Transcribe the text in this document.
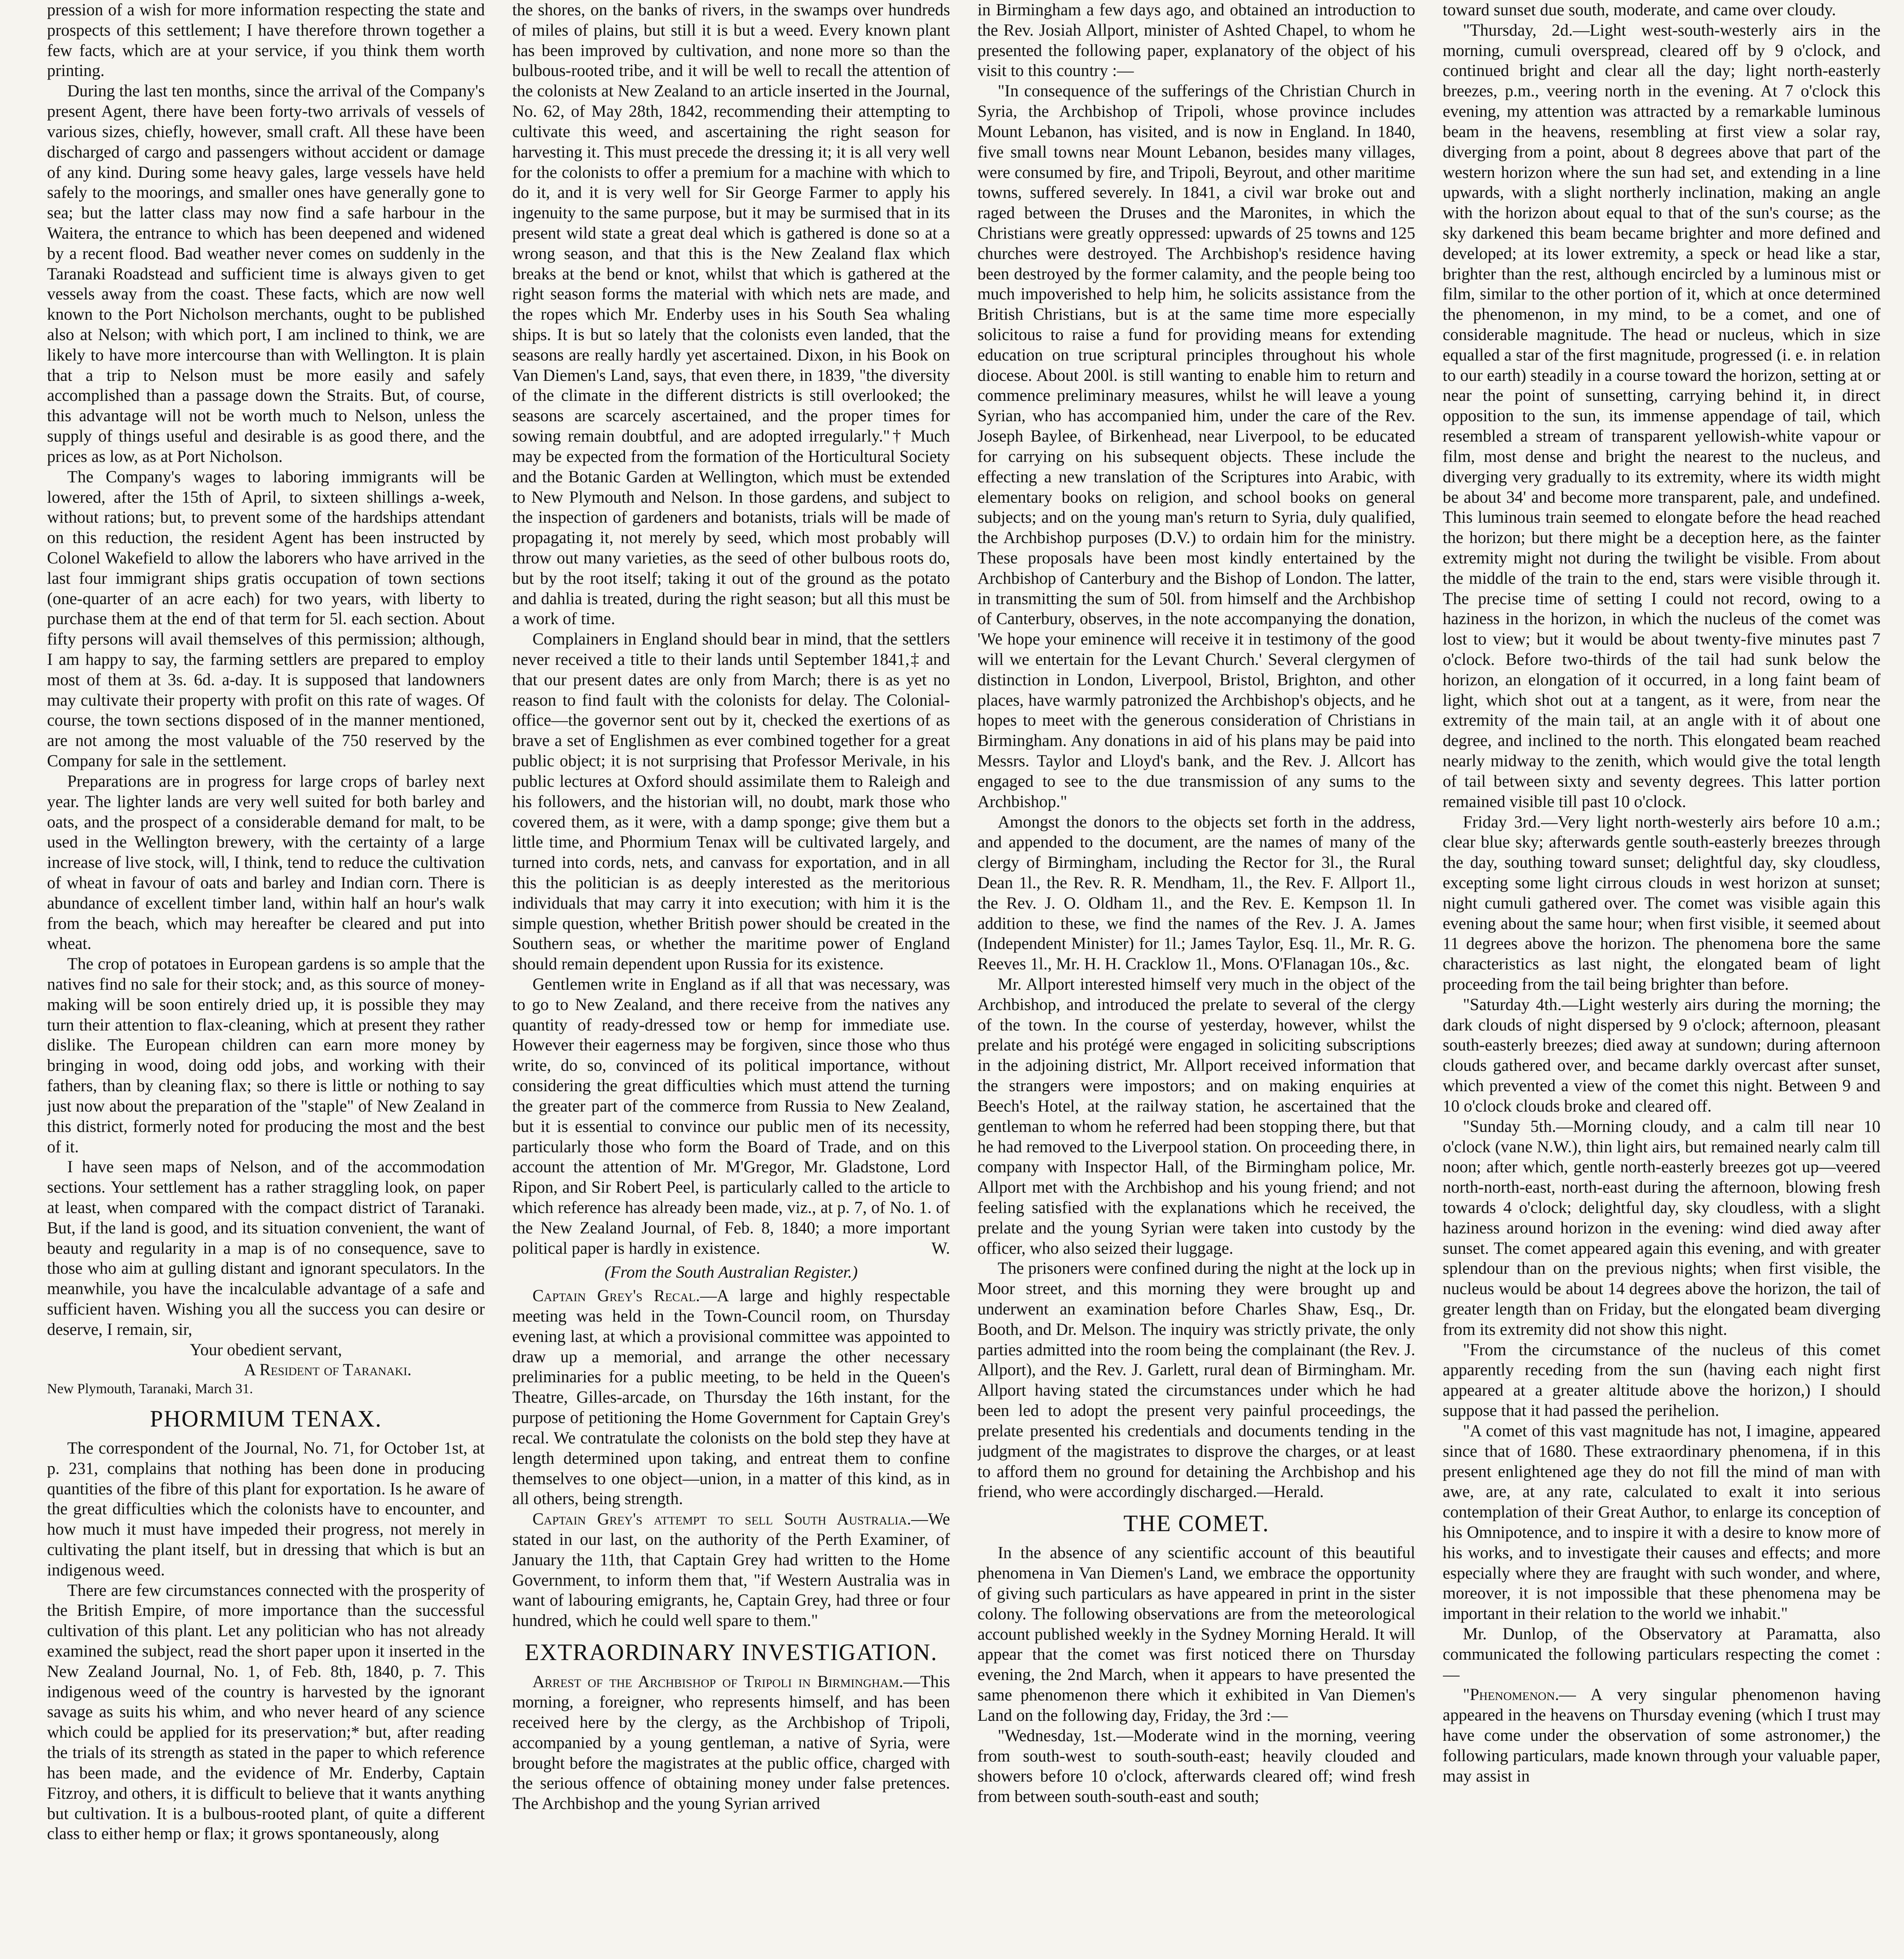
pression of a wish for more information respecting the state and prospects of this settlement; I have therefore thrown together a few facts, which are at your service, if you think them worth printing.

During the last ten months, since the arrival of the Company's present Agent, there have been forty-two arrivals of vessels of various sizes, chiefly, however, small craft. All these have been discharged of cargo and passengers without accident or damage of any kind. During some heavy gales, large vessels have held safely to the moorings, and smaller ones have generally gone to sea; but the latter class may now find a safe harbour in the Waitera, the entrance to which has been deepened and widened by a recent flood. Bad weather never comes on suddenly in the Taranaki Roadstead and sufficient time is always given to get vessels away from the coast. These facts, which are now well known to the Port Nicholson merchants, ought to be published also at Nelson; with which port, I am inclined to think, we are likely to have more intercourse than with Wellington. It is plain that a trip to Nelson must be more easily and safely accomplished than a passage down the Straits. But, of course, this advantage will not be worth much to Nelson, unless the supply of things useful and desirable is as good there, and the prices as low, as at Port Nicholson.

The Company's wages to laboring immigrants will be lowered, after the 15th of April, to sixteen shillings a-week, without rations; but, to prevent some of the hardships attendant on this reduction, the resident Agent has been instructed by Colonel Wakefield to allow the laborers who have arrived in the last four immigrant ships gratis occupation of town sections (one-quarter of an acre each) for two years, with liberty to purchase them at the end of that term for 5l. each section. About fifty persons will avail themselves of this permission; although, I am happy to say, the farming settlers are prepared to employ most of them at 3s. 6d. a-day. It is supposed that landowners may cultivate their property with profit on this rate of wages. Of course, the town sections disposed of in the manner mentioned, are not among the most valuable of the 750 reserved by the Company for sale in the settlement.

Preparations are in progress for large crops of barley next year. The lighter lands are very well suited for both barley and oats, and the prospect of a considerable demand for malt, to be used in the Wellington brewery, with the certainty of a large increase of live stock, will, I think, tend to reduce the cultivation of wheat in favour of oats and barley and Indian corn. There is abundance of excellent timber land, within half an hour's walk from the beach, which may hereafter be cleared and put into wheat.

The crop of potatoes in European gardens is so ample that the natives find no sale for their stock; and, as this source of money-making will be soon entirely dried up, it is possible they may turn their attention to flax-cleaning, which at present they rather dislike. The European children can earn more money by bringing in wood, doing odd jobs, and working with their fathers, than by cleaning flax; so there is little or nothing to say just now about the preparation of the "staple" of New Zealand in this district, formerly noted for producing the most and the best of it.

I have seen maps of Nelson, and of the accommodation sections. Your settlement has a rather straggling look, on paper at least, when compared with the compact district of Taranaki. But, if the land is good, and its situation convenient, the want of beauty and regularity in a map is of no consequence, save to those who aim at gulling distant and ignorant speculators. In the meanwhile, you have the incalculable advantage of a safe and sufficient haven. Wishing you all the success you can desire or deserve, I remain, sir,

Your obedient servant,

A Resident of Taranaki.

New Plymouth, Taranaki, March 31.

PHORMIUM TENAX.

The correspondent of the Journal, No. 71, for October 1st, at p. 231, complains that nothing has been done in producing quantities of the fibre of this plant for exportation. Is he aware of the great difficulties which the colonists have to encounter, and how much it must have impeded their progress, not merely in cultivating the plant itself, but in dressing that which is but an indigenous weed.

There are few circumstances connected with the prosperity of the British Empire, of more importance than the successful cultivation of this plant. Let any politician who has not already examined the subject, read the short paper upon it inserted in the New Zealand Journal, No. 1, of Feb. 8th, 1840, p. 7. This indigenous weed of the country is harvested by the ignorant savage as suits his whim, and who never heard of any science which could be applied for its preservation;* but, after reading the trials of its strength as stated in the paper to which reference has been made, and the evidence of Mr. Enderby, Captain Fitzroy, and others, it is difficult to believe that it wants anything but cultivation. It is a bulbous-rooted plant, of quite a different class to either hemp or flax; it grows spontaneously, along

the shores, on the banks of rivers, in the swamps over hundreds of miles of plains, but still it is but a weed. Every known plant has been improved by cultivation, and none more so than the bulbous-rooted tribe, and it will be well to recall the attention of the colonists at New Zealand to an article inserted in the Journal, No. 62, of May 28th, 1842, recommending their attempting to cultivate this weed, and ascertaining the right season for harvesting it. This must precede the dressing it; it is all very well for the colonists to offer a premium for a machine with which to do it, and it is very well for Sir George Farmer to apply his ingenuity to the same purpose, but it may be surmised that in its present wild state a great deal which is gathered is done so at a wrong season, and that this is the New Zealand flax which breaks at the bend or knot, whilst that which is gathered at the right season forms the material with which nets are made, and the ropes which Mr. Enderby uses in his South Sea whaling ships. It is but so lately that the colonists even landed, that the seasons are really hardly yet ascertained. Dixon, in his Book on Van Diemen's Land, says, that even there, in 1839, "the diversity of the climate in the different districts is still overlooked; the seasons are scarcely ascertained, and the proper times for sowing remain doubtful, and are adopted irregularly."† Much may be expected from the formation of the Horticultural Society and the Botanic Garden at Wellington, which must be extended to New Plymouth and Nelson. In those gardens, and subject to the inspection of gardeners and botanists, trials will be made of propagating it, not merely by seed, which most probably will throw out many varieties, as the seed of other bulbous roots do, but by the root itself; taking it out of the ground as the potato and dahlia is treated, during the right season; but all this must be a work of time.

Complainers in England should bear in mind, that the settlers never received a title to their lands until September 1841,‡ and that our present dates are only from March; there is as yet no reason to find fault with the colonists for delay. The Colonial-office—the governor sent out by it, checked the exertions of as brave a set of Englishmen as ever combined together for a great public object; it is not surprising that Professor Merivale, in his public lectures at Oxford should assimilate them to Raleigh and his followers, and the historian will, no doubt, mark those who covered them, as it were, with a damp sponge; give them but a little time, and Phormium Tenax will be cultivated largely, and turned into cords, nets, and canvass for exportation, and in all this the politician is as deeply interested as the meritorious individuals that may carry it into execution; with him it is the simple question, whether British power should be created in the Southern seas, or whether the maritime power of England should remain dependent upon Russia for its existence.

Gentlemen write in England as if all that was necessary, was to go to New Zealand, and there receive from the natives any quantity of ready-dressed tow or hemp for immediate use. However their eagerness may be forgiven, since those who thus write, do so, convinced of its political importance, without considering the great difficulties which must attend the turning the greater part of the commerce from Russia to New Zealand, but it is essential to convince our public men of its necessity, particularly those who form the Board of Trade, and on this account the attention of Mr. M'Gregor, Mr. Gladstone, Lord Ripon, and Sir Robert Peel, is particularly called to the article to which reference has already been made, viz., at p. 7, of No. 1. of the New Zealand Journal, of Feb. 8, 1840; a more important political paper is hardly in existence.	W.

(From the South Australian Register.)

Captain Grey's Recal.—A large and highly respectable meeting was held in the Town-Council room, on Thursday evening last, at which a provisional committee was appointed to draw up a memorial, and arrange the other necessary preliminaries for a public meeting, to be held in the Queen's Theatre, Gilles-arcade, on Thursday the 16th instant, for the purpose of petitioning the Home Government for Captain Grey's recal. We contratulate the colonists on the bold step they have at length determined upon taking, and entreat them to confine themselves to one object—union, in a matter of this kind, as in all others, being strength.

Captain Grey's attempt to sell South Australia.—We stated in our last, on the authority of the Perth Examiner, of January the 11th, that Captain Grey had written to the Home Government, to inform them that, "if Western Australia was in want of labouring emigrants, he, Captain Grey, had three or four hundred, which he could well spare to them."

EXTRAORDINARY INVESTIGATION.

Arrest of the Archbishop of Tripoli in Birmingham.—This morning, a foreigner, who represents himself, and has been received here by the clergy, as the Archbishop of Tripoli, accompanied by a young gentleman, a native of Syria, were brought before the magistrates at the public office, charged with the serious offence of obtaining money under false pretences. The Archbishop and the young Syrian arrived

in Birmingham a few days ago, and obtained an introduction to the Rev. Josiah Allport, minister of Ashted Chapel, to whom he presented the following paper, explanatory of the object of his visit to this country :—

"In consequence of the sufferings of the Christian Church in Syria, the Archbishop of Tripoli, whose province includes Mount Lebanon, has visited, and is now in England. In 1840, five small towns near Mount Lebanon, besides many villages, were consumed by fire, and Tripoli, Beyrout, and other maritime towns, suffered severely. In 1841, a civil war broke out and raged between the Druses and the Maronites, in which the Christians were greatly oppressed: upwards of 25 towns and 125 churches were destroyed. The Archbishop's residence having been destroyed by the former calamity, and the people being too much impoverished to help him, he solicits assistance from the British Christians, but is at the same time more especially solicitous to raise a fund for providing means for extending education on true scriptural principles throughout his whole diocese. About 200l. is still wanting to enable him to return and commence preliminary measures, whilst he will leave a young Syrian, who has accompanied him, under the care of the Rev. Joseph Baylee, of Birkenhead, near Liverpool, to be educated for carrying on his subsequent objects. These include the effecting a new translation of the Scriptures into Arabic, with elementary books on religion, and school books on general subjects; and on the young man's return to Syria, duly qualified, the Archbishop purposes (D.V.) to ordain him for the ministry. These proposals have been most kindly entertained by the Archbishop of Canterbury and the Bishop of London. The latter, in transmitting the sum of 50l. from himself and the Archbishop of Canterbury, observes, in the note accompanying the donation, 'We hope your eminence will receive it in testimony of the good will we entertain for the Levant Church.' Several clergymen of distinction in London, Liverpool, Bristol, Brighton, and other places, have warmly patronized the Archbishop's objects, and he hopes to meet with the generous consideration of Christians in Birmingham. Any donations in aid of his plans may be paid into Messrs. Taylor and Lloyd's bank, and the Rev. J. Allcort has engaged to see to the due transmission of any sums to the Archbishop."

Amongst the donors to the objects set forth in the address, and appended to the document, are the names of many of the clergy of Birmingham, including the Rector for 3l., the Rural Dean 1l., the Rev. R. R. Mendham, 1l., the Rev. F. Allport 1l., the Rev. J. O. Oldham 1l., and the Rev. E. Kempson 1l. In addition to these, we find the names of the Rev. J. A. James (Independent Minister) for 1l.; James Taylor, Esq. 1l., Mr. R. G. Reeves 1l., Mr. H. H. Cracklow 1l., Mons. O'Flanagan 10s., &c.

Mr. Allport interested himself very much in the object of the Archbishop, and introduced the prelate to several of the clergy of the town. In the course of yesterday, however, whilst the prelate and his protégé were engaged in soliciting subscriptions in the adjoining district, Mr. Allport received information that the strangers were impostors; and on making enquiries at Beech's Hotel, at the railway station, he ascertained that the gentleman to whom he referred had been stopping there, but that he had removed to the Liverpool station. On proceeding there, in company with Inspector Hall, of the Birmingham police, Mr. Allport met with the Archbishop and his young friend; and not feeling satisfied with the explanations which he received, the prelate and the young Syrian were taken into custody by the officer, who also seized their luggage.

The prisoners were confined during the night at the lock up in Moor street, and this morning they were brought up and underwent an examination before Charles Shaw, Esq., Dr. Booth, and Dr. Melson. The inquiry was strictly private, the only parties admitted into the room being the complainant (the Rev. J. Allport), and the Rev. J. Garlett, rural dean of Birmingham. Mr. Allport having stated the circumstances under which he had been led to adopt the present very painful proceedings, the prelate presented his credentials and documents tending in the judgment of the magistrates to disprove the charges, or at least to afford them no ground for detaining the Archbishop and his friend, who were accordingly discharged.—Herald.

THE COMET.

In the absence of any scientific account of this beautiful phenomena in Van Diemen's Land, we embrace the opportunity of giving such particulars as have appeared in print in the sister colony. The following observations are from the meteorological account published weekly in the Sydney Morning Herald. It will appear that the comet was first noticed there on Thursday evening, the 2nd March, when it appears to have presented the same phenomenon there which it exhibited in Van Diemen's Land on the following day, Friday, the 3rd :—

"Wednesday, 1st.—Moderate wind in the morning, veering from south-west to south-south-east; heavily clouded and showers before 10 o'clock, afterwards cleared off; wind fresh from between south-south-east and south;

toward sunset due south, moderate, and came over cloudy.

"Thursday, 2d.—Light west-south-westerly airs in the morning, cumuli overspread, cleared off by 9 o'clock, and continued bright and clear all the day; light north-easterly breezes, p.m., veering north in the evening. At 7 o'clock this evening, my attention was attracted by a remarkable luminous beam in the heavens, resembling at first view a solar ray, diverging from a point, about 8 degrees above that part of the western horizon where the sun had set, and extending in a line upwards, with a slight northerly inclination, making an angle with the horizon about equal to that of the sun's course; as the sky darkened this beam became brighter and more defined and developed; at its lower extremity, a speck or head like a star, brighter than the rest, although encircled by a luminous mist or film, similar to the other portion of it, which at once determined the phenomenon, in my mind, to be a comet, and one of considerable magnitude. The head or nucleus, which in size equalled a star of the first magnitude, progressed (i. e. in relation to our earth) steadily in a course toward the horizon, setting at or near the point of sunsetting, carrying behind it, in direct opposition to the sun, its immense appendage of tail, which resembled a stream of transparent yellowish-white vapour or film, most dense and bright the nearest to the nucleus, and diverging very gradually to its extremity, where its width might be about 34' and become more transparent, pale, and undefined. This luminous train seemed to elongate before the head reached the horizon; but there might be a deception here, as the fainter extremity might not during the twilight be visible. From about the middle of the train to the end, stars were visible through it. The precise time of setting I could not record, owing to a haziness in the horizon, in which the nucleus of the comet was lost to view; but it would be about twenty-five minutes past 7 o'clock. Before two-thirds of the tail had sunk below the horizon, an elongation of it occurred, in a long faint beam of light, which shot out at a tangent, as it were, from near the extremity of the main tail, at an angle with it of about one degree, and inclined to the north. This elongated beam reached nearly midway to the zenith, which would give the total length of tail between sixty and seventy degrees. This latter portion remained visible till past 10 o'clock.

Friday 3rd.—Very light north-westerly airs before 10 a.m.; clear blue sky; afterwards gentle south-easterly breezes through the day, southing toward sunset; delightful day, sky cloudless, excepting some light cirrous clouds in west horizon at sunset; night cumuli gathered over. The comet was visible again this evening about the same hour; when first visible, it seemed about 11 degrees above the horizon. The phenomena bore the same characteristics as last night, the elongated beam of light proceeding from the tail being brighter than before.

"Saturday 4th.—Light westerly airs during the morning; the dark clouds of night dispersed by 9 o'clock; afternoon, pleasant south-easterly breezes; died away at sundown; during afternoon clouds gathered over, and became darkly overcast after sunset, which prevented a view of the comet this night. Between 9 and 10 o'clock clouds broke and cleared off.

"Sunday 5th.—Morning cloudy, and a calm till near 10 o'clock (vane N.W.), thin light airs, but remained nearly calm till noon; after which, gentle north-easterly breezes got up—veered north-north-east, north-east during the afternoon, blowing fresh towards 4 o'clock; delightful day, sky cloudless, with a slight haziness around horizon in the evening: wind died away after sunset. The comet appeared again this evening, and with greater splendour than on the previous nights; when first visible, the nucleus would be about 14 degrees above the horizon, the tail of greater length than on Friday, but the elongated beam diverging from its extremity did not show this night.

"From the circumstance of the nucleus of this comet apparently receding from the sun (having each night first appeared at a greater altitude above the horizon,) I should suppose that it had passed the perihelion.

"A comet of this vast magnitude has not, I imagine, appeared since that of 1680. These extraordinary phenomena, if in this present enlightened age they do not fill the mind of man with awe, are, at any rate, calculated to exalt it into serious contemplation of their Great Author, to enlarge its conception of his Omnipotence, and to inspire it with a desire to know more of his works, and to investigate their causes and effects; and more especially where they are fraught with such wonder, and where, moreover, it is not impossible that these phenomena may be important in their relation to the world we inhabit."

Mr. Dunlop, of the Observatory at Paramatta, also communicated the following particulars respecting the comet :—

"Phenomenon.— A very singular phenomenon having appeared in the heavens on Thursday evening (which I trust may have come under the observation of some astronomer,) the following particulars, made known through your valuable paper, may assist in
